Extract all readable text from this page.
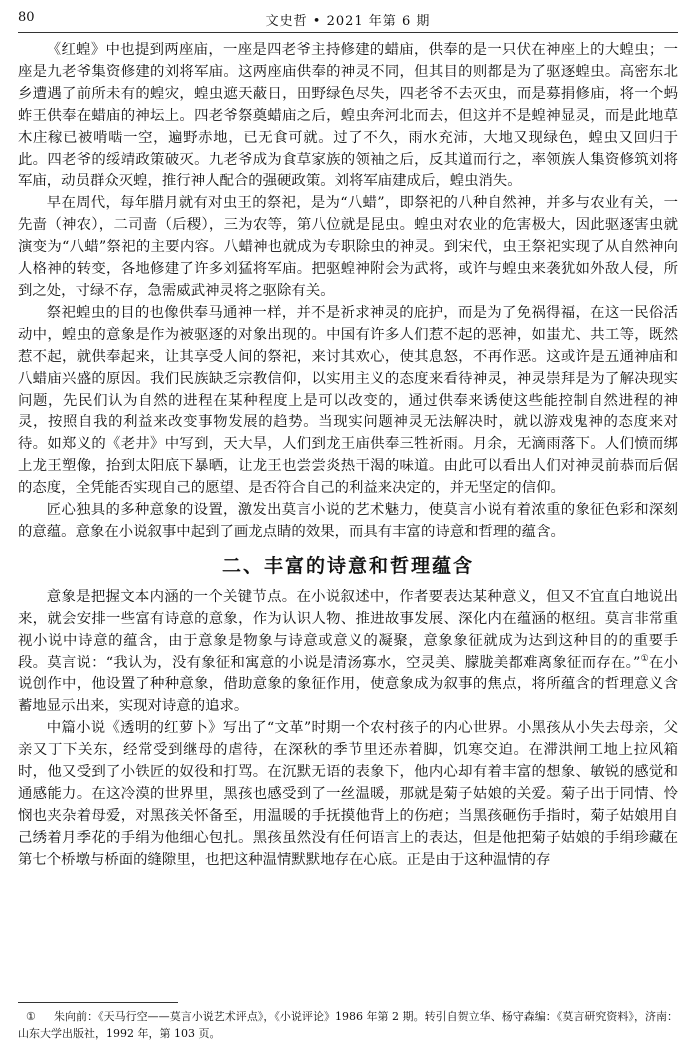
80	文史哲 • 2021 年第 6 期

《红蝗》中也提到两座庙，一座是四老爷主持修建的蜡庙，供奉的是一只伏在神座上的大蝗虫；一座是九老爷集资修建的刘将军庙。这两座庙供奉的神灵不同，但其目的则都是为了驱逐蝗虫。高密东北乡遭遇了前所未有的蝗灾，蝗虫遮天蔽日，田野绿色尽失，四老爷不去灭虫，而是募捐修庙，将一个蚂蚱王供奉在蜡庙的神坛上。四老爷祭奠蜡庙之后，蝗虫奔河北而去，但这并不是蝗神显灵，而是此地草木庄稼已被啃啮一空，遍野赤地，已无食可就。过了不久，雨水充沛，大地又现绿色，蝗虫又回归于此。四老爷的绥靖政策破灭。九老爷成为食草家族的领袖之后，反其道而行之，率领族人集资修筑刘将军庙，动员群众灭蝗，推行神人配合的强硬政策。刘将军庙建成后，蝗虫消失。

早在周代，每年腊月就有对虫王的祭祀，是为“八蜡”，即祭祀的八种自然神，并多与农业有关，一先啬（神农），二司啬（后稷），三为农等，第八位就是昆虫。蝗虫对农业的危害极大，因此驱逐害虫就演变为“八蜡”祭祀的主要内容。八蜡神也就成为专职除虫的神灵。到宋代，虫王祭祀实现了从自然神向人格神的转变，各地修建了许多刘猛将军庙。把驱蝗神附会为武将，或许与蝗虫来袭犹如外敌人侵，所到之处，寸绿不存，急需威武神灵将之驱除有关。

祭祀蝗虫的目的也像供奉马通神一样，并不是祈求神灵的庇护，而是为了免祸得福，在这一民俗活动中，蝗虫的意象是作为被驱逐的对象出现的。中国有许多人们惹不起的恶神，如蚩尤、共工等，既然惹不起，就供奉起来，让其享受人间的祭祀，来讨其欢心，使其息怒，不再作恶。这或许是五通神庙和八蜡庙兴盛的原因。我们民族缺乏宗教信仰，以实用主义的态度来看待神灵，神灵崇拜是为了解决现实问题，先民们认为自然的进程在某种程度上是可以改变的，通过供奉来诱使这些能控制自然进程的神灵，按照自我的利益来改变事物发展的趋势。当现实问题神灵无法解决时，就以游戏鬼神的态度来对待。如郑义的《老井》中写到，天大旱，人们到龙王庙供奉三牲祈雨。月余，无滴雨落下。人们愤而绑上龙王塑像，抬到太阳底下暴晒，让龙王也尝尝炎热干渴的味道。由此可以看出人们对神灵前恭而后倨的态度，全凭能否实现自己的愿望、是否符合自己的利益来决定的，并无坚定的信仰。

匠心独具的多种意象的设置，激发出莫言小说的艺术魅力，使莫言小说有着浓重的象征色彩和深刻的意蕴。意象在小说叙事中起到了画龙点睛的效果，而具有丰富的诗意和哲理的蕴含。

二、丰富的诗意和哲理蕴含

意象是把握文本内涵的一个关键节点。在小说叙述中，作者要表达某种意义，但又不宜直白地说出来，就会安排一些富有诗意的意象，作为认识人物、推进故事发展、深化内在蕴涵的枢纽。莫言非常重视小说中诗意的蕴含，由于意象是物象与诗意或意义的凝聚，意象象征就成为达到这种目的的重要手段。莫言说：“我认为，没有象征和寓意的小说是清汤寡水，空灵美、朦胧美都难离象征而存在。”①在小说创作中，他设置了种种意象，借助意象的象征作用，使意象成为叙事的焦点，将所蕴含的哲理意义含蓄地显示出来，实现对诗意的追求。

中篇小说《透明的红萝卜》写出了“文革”时期一个农村孩子的内心世界。小黑孩从小失去母亲，父亲又丁下关东，经常受到继母的虐待，在深秋的季节里还赤着脚，饥寒交迫。在滞洪闸工地上拉风箱时，他又受到了小铁匠的奴役和打骂。在沉默无语的表象下，他内心却有着丰富的想象、敏锐的感觉和通感能力。在这冷漠的世界里，黑孩也感受到了一丝温暖，那就是菊子姑娘的关爱。菊子出于同情、怜悯也夹杂着母爱，对黑孩关怀备至，用温暖的手抚摸他背上的伤疤；当黑孩砸伤手指时，菊子姑娘用自己绣着月季花的手绢为他细心包扎。黑孩虽然没有任何语言上的表达，但是他把菊子姑娘的手绢珍藏在第七个桥墩与桥面的缝隙里，也把这种温情默默地存在心底。正是由于这种温情的存

① 朱向前：《天马行空——莫言小说艺术评点》，《小说评论》1986 年第 2 期。转引自贺立华、杨守森编：《莫言研究资料》，济南：山东大学出版社，1992 年，第 103 页。
